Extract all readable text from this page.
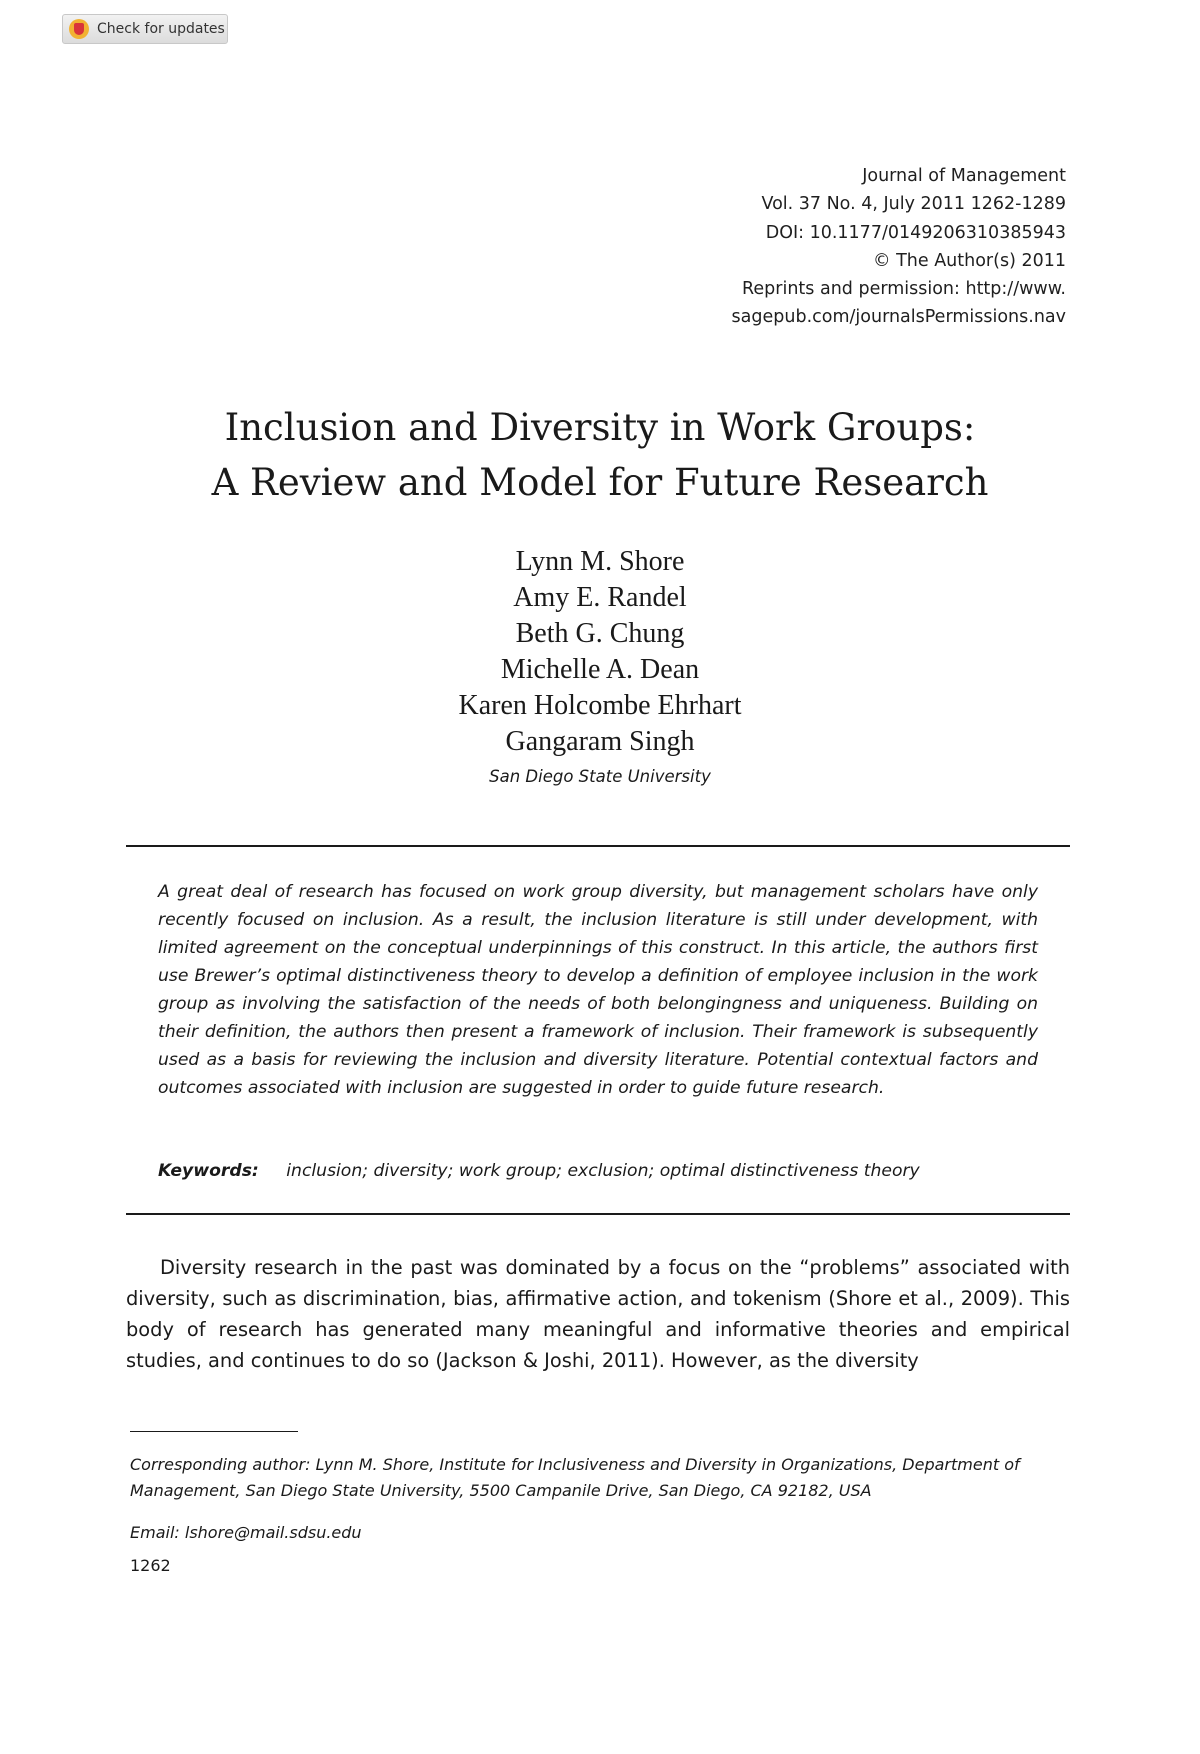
Check for updates
Journal of Management
Vol. 37 No. 4, July 2011 1262-1289
DOI: 10.1177/0149206310385943
© The Author(s) 2011
Reprints and permission: http://www.
sagepub.com/journalsPermissions.nav
Inclusion and Diversity in Work Groups:
A Review and Model for Future Research
Lynn M. Shore
Amy E. Randel
Beth G. Chung
Michelle A. Dean
Karen Holcombe Ehrhart
Gangaram Singh
San Diego State University

A great deal of research has focused on work group diversity, but management scholars have only recently focused on inclusion. As a result, the inclusion literature is still under development, with limited agreement on the conceptual underpinnings of this construct. In this article, the authors first use Brewer’s optimal distinctiveness theory to develop a definition of employee inclusion in the work group as involving the satisfaction of the needs of both belongingness and uniqueness. Building on their definition, the authors then present a framework of inclusion. Their framework is subsequently used as a basis for reviewing the inclusion and diversity literature. Potential contextual factors and outcomes associated with inclusion are suggested in order to guide future research.

Keywords: inclusion; diversity; work group; exclusion; optimal distinctiveness theory

Diversity research in the past was dominated by a focus on the “problems” associated with diversity, such as discrimination, bias, affirmative action, and tokenism (Shore et al., 2009). This body of research has generated many meaningful and informative theories and empirical studies, and continues to do so (Jackson & Joshi, 2011). However, as the diversity

Corresponding author: Lynn M. Shore, Institute for Inclusiveness and Diversity in Organizations, Department of Management, San Diego State University, 5500 Campanile Drive, San Diego, CA 92182, USA

Email: lshore@mail.sdsu.edu
1262
